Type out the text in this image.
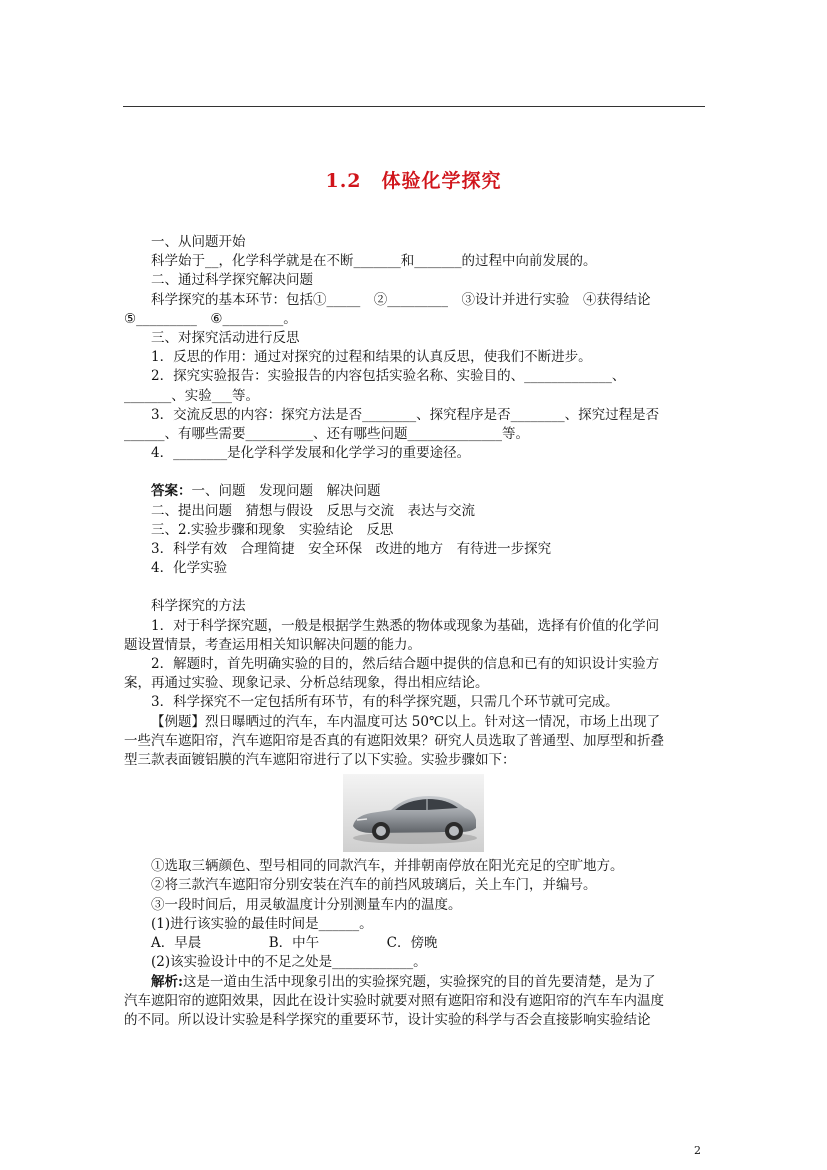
1.2　体验化学探究

一、从问题开始

科学始于__，化学科学就是在不断_______和_______的过程中向前发展的。

二、通过科学探究解决问题

科学探究的基本环节：包括①_____　②_________　③设计并进行实验　④获得结论

⑤_________　⑥_________。

三、对探究活动进行反思

1．反思的作用：通过对探究的过程和结果的认真反思，使我们不断进步。

2．探究实验报告：实验报告的内容包括实验名称、实验目的、_____________、

_______、实验___等。

3．交流反思的内容：探究方法是否________、探究程序是否________、探究过程是否

______、有哪些需要__________、还有哪些问题______________等。

4．________是化学科学发展和化学学习的重要途径。

答案：一、问题　发现问题　解决问题

二、提出问题　猜想与假设　反思与交流　表达与交流

三、2.实验步骤和现象　实验结论　反思

3．科学有效　合理简捷　安全环保　改进的地方　有待进一步探究

4．化学实验

科学探究的方法

1．对于科学探究题，一般是根据学生熟悉的物体或现象为基础，选择有价值的化学问

题设置情景，考查运用相关知识解决问题的能力。

2．解题时，首先明确实验的目的，然后结合题中提供的信息和已有的知识设计实验方

案，再通过实验、现象记录、分析总结现象，得出相应结论。

3．科学探究不一定包括所有环节，有的科学探究题，只需几个环节就可完成。

【例题】烈日曝晒过的汽车，车内温度可达 50℃以上。针对这一情况，市场上出现了

一些汽车遮阳帘，汽车遮阳帘是否真的有遮阳效果？研究人员选取了普通型、加厚型和折叠

型三款表面镀铝膜的汽车遮阳帘进行了以下实验。实验步骤如下：

①选取三辆颜色、型号相同的同款汽车，并排朝南停放在阳光充足的空旷地方。

②将三款汽车遮阳帘分别安装在汽车的前挡风玻璃后，关上车门，并编号。

③一段时间后，用灵敏温度计分别测量车内的温度。

(1)进行该实验的最佳时间是______。

A．早晨　　　　　B．中午　　　　　C．傍晚

(2)该实验设计中的不足之处是____________。

解析:这是一道由生活中现象引出的实验探究题，实验探究的目的首先要清楚，是为了

汽车遮阳帘的遮阳效果，因此在设计实验时就要对照有遮阳帘和没有遮阳帘的汽车车内温度

的不同。所以设计实验是科学探究的重要环节，设计实验的科学与否会直接影响实验结论

2
